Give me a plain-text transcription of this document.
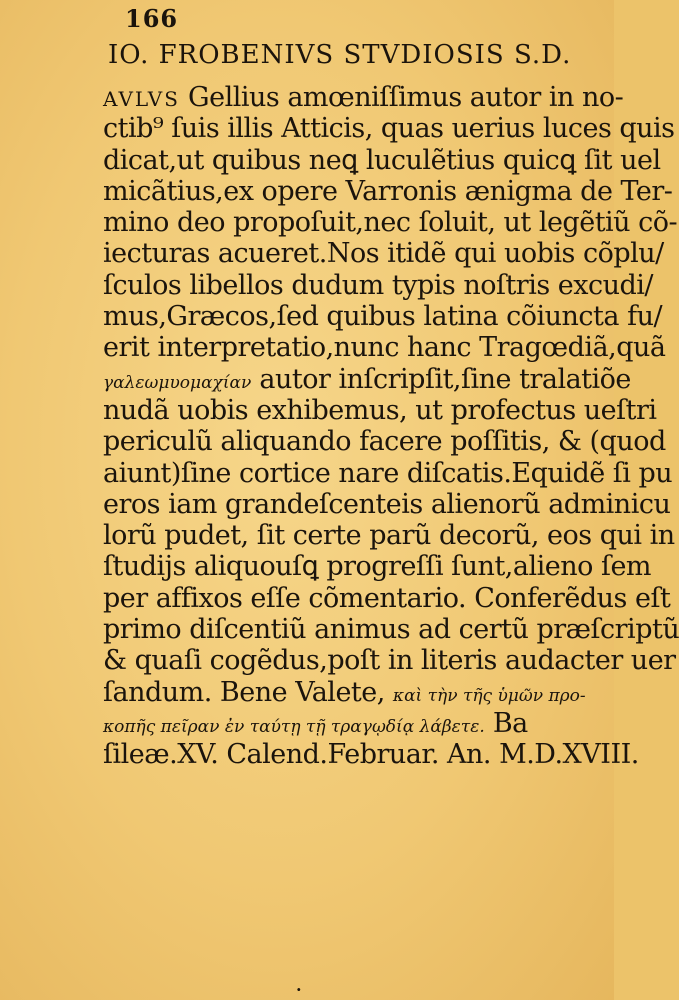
166
IO. FROBENIVS STVDIOSIS S.D.
AVLVS Gellius amœniſſimus autor in no-
ctib⁹ ſuis illis Atticis, quas uerius luces quis
dicat,ut quibus neꝗ luculẽtius quicꝗ ſit uel
micãtius,ex opere Varronis ænigma de Ter-
mino deo propoſuit,nec ſoluit, ut legẽtiũ cõ-
iecturas acueret.Nos itidẽ qui uobis cõplu/
ſculos libellos dudum typis noſtris excudi/
mus,Græcos,ſed quibus latina cõiuncta fu/
erit interpretatio,nunc hanc Tragœdiã,quã
γαλεωμυομαχίαν autor inſcripſit,ſine tralatiõe
nudã uobis exhibemus, ut profectus ueſtri
periculũ aliquando facere poſſitis, & (quod
aiunt)ſine cortice nare diſcatis.Equidẽ ſi pu
eros iam grandeſcenteis alienorũ adminicu
lorũ pudet, ſit certe parũ decorũ, eos qui in
ſtudijs aliquouſꝗ progreſſi ſunt,alieno ſem
per affixos eſſe cõmentario. Conferẽdus eſt
primo diſcentiũ animus ad certũ præſcriptũ
& quaſi cogẽdus,poſt in literis audacter uer
ſandum. Bene Valete, καὶ τὴν τῆς ὑμῶν προ-
κοπῆς πεῖραν ἐν ταύτῃ τῇ τραγῳδίᾳ λάβετε. Ba
ſileæ.XV. Calend.Februar. An. M.D.XVIII.
·
